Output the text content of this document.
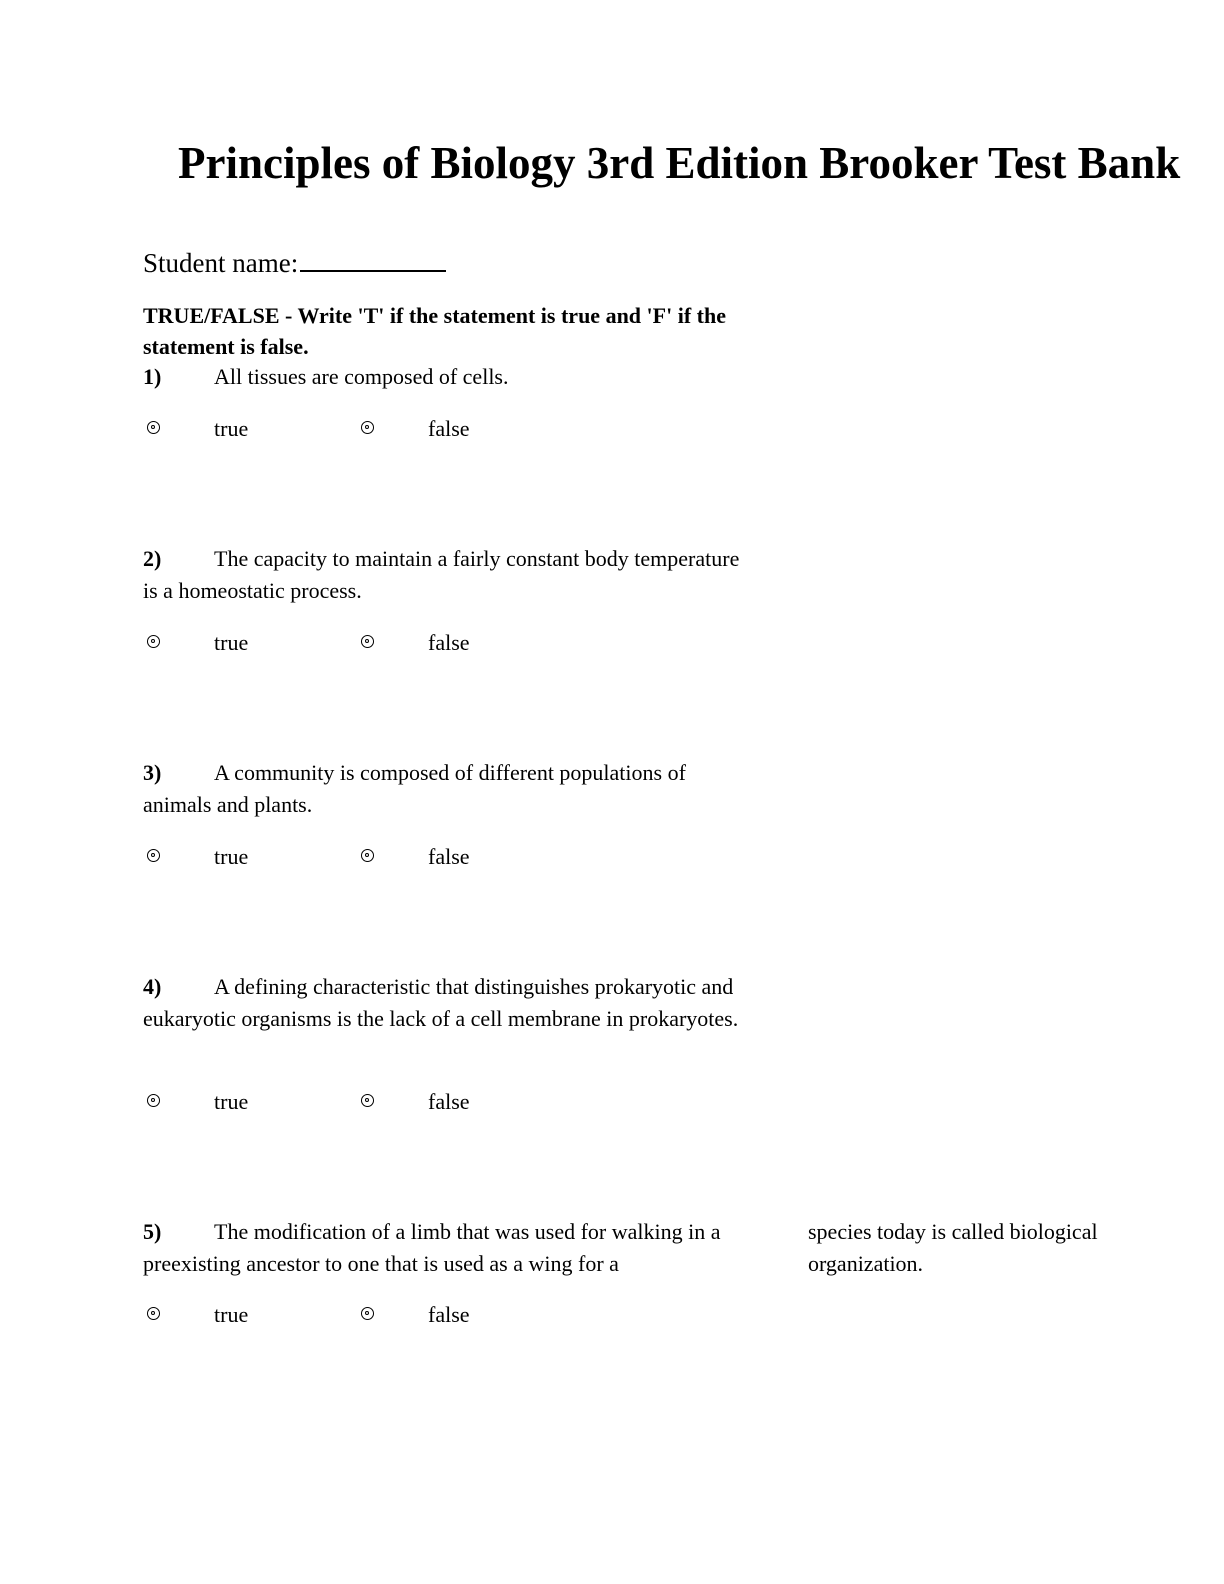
Principles of Biology 3rd Edition Brooker Test Bank
Student name:
TRUE/FALSE - Write 'T' if the statement is true and 'F' if the statement is false.
1) All tissues are composed of cells.
true	false
2) The capacity to maintain a fairly constant body temperature is a homeostatic process.
true	false
3) A community is composed of different populations of animals and plants.
true	false
4) A defining characteristic that distinguishes prokaryotic and eukaryotic organisms is the lack of a cell membrane in prokaryotes.
true	false
5) The modification of a limb that was used for walking in a preexisting ancestor to one that is used as a wing for a
species today is called biological organization.
true	false
